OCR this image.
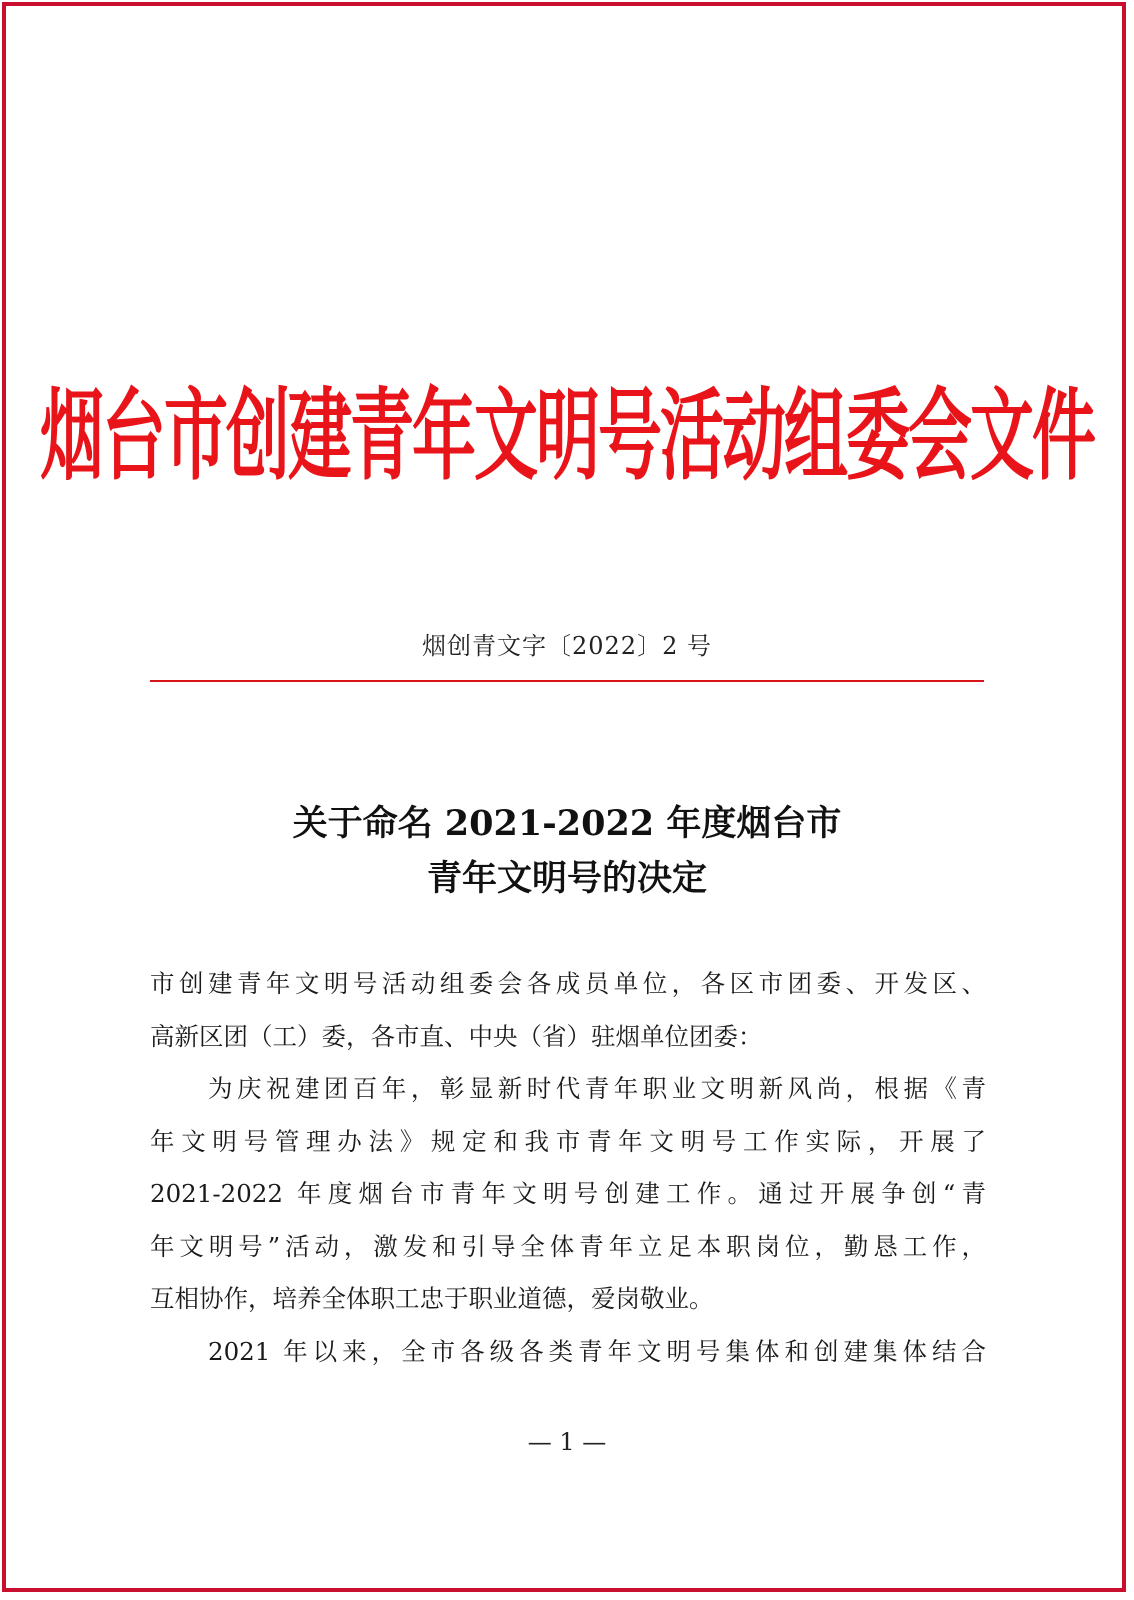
烟台市创建青年文明号活动组委会文件
烟创青文字〔2022〕2 号
关于命名 2021-2022 年度烟台市
青年文明号的决定
市创建青年文明号活动组委会各成员单位，各区市团委、开发区、
高新区团（工）委，各市直、中央（省）驻烟单位团委：
为庆祝建团百年，彰显新时代青年职业文明新风尚，根据《青
年文明号管理办法》规定和我市青年文明号工作实际，开展了
2021-2022 年度烟台市青年文明号创建工作。通过开展争创“青
年文明号”活动，激发和引导全体青年立足本职岗位，勤恳工作，
互相协作，培养全体职工忠于职业道德，爱岗敬业。
2021 年以来，全市各级各类青年文明号集体和创建集体结合
— 1 —
